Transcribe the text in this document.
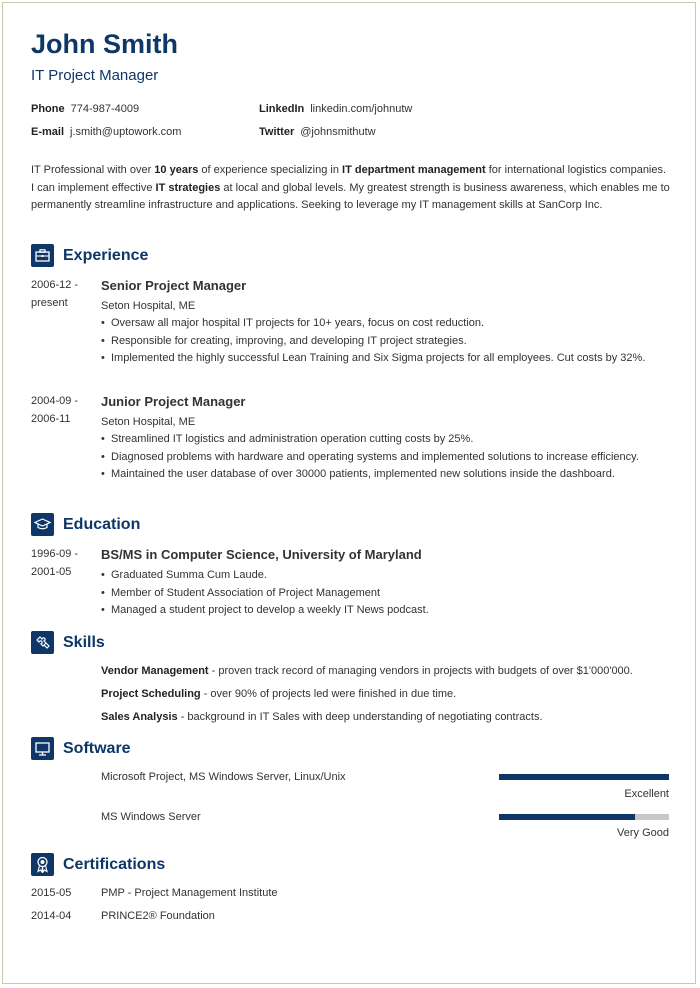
John Smith
IT Project Manager
Phone 774-987-4009
E-mail j.smith@uptowork.com
LinkedIn linkedin.com/johnutw
Twitter @johnsmithutw
IT Professional with over 10 years of experience specializing in IT department management for international logistics companies. I can implement effective IT strategies at local and global levels. My greatest strength is business awareness, which enables me to permanently streamline infrastructure and applications. Seeking to leverage my IT management skills at SanCorp Inc.
Experience
2006-12 -
present
Senior Project Manager
Seton Hospital, ME
• Oversaw all major hospital IT projects for 10+ years, focus on cost reduction.
• Responsible for creating, improving, and developing IT project strategies.
• Implemented the highly successful Lean Training and Six Sigma projects for all employees. Cut costs by 32%.
2004-09 -
2006-11
Junior Project Manager
Seton Hospital, ME
• Streamlined IT logistics and administration operation cutting costs by 25%.
• Diagnosed problems with hardware and operating systems and implemented solutions to increase efficiency.
• Maintained the user database of over 30000 patients, implemented new solutions inside the dashboard.
Education
1996-09 -
2001-05
BS/MS in Computer Science, University of Maryland
• Graduated Summa Cum Laude.
• Member of Student Association of Project Management
• Managed a student project to develop a weekly IT News podcast.
Skills
Vendor Management - proven track record of managing vendors in projects with budgets of over $1'000'000.
Project Scheduling - over 90% of projects led were finished in due time.
Sales Analysis - background in IT Sales with deep understanding of negotiating contracts.
Software
Microsoft Project, MS Windows Server, Linux/Unix
Excellent
MS Windows Server
Very Good
Certifications
2015-05	PMP - Project Management Institute
2014-04	PRINCE2® Foundation
